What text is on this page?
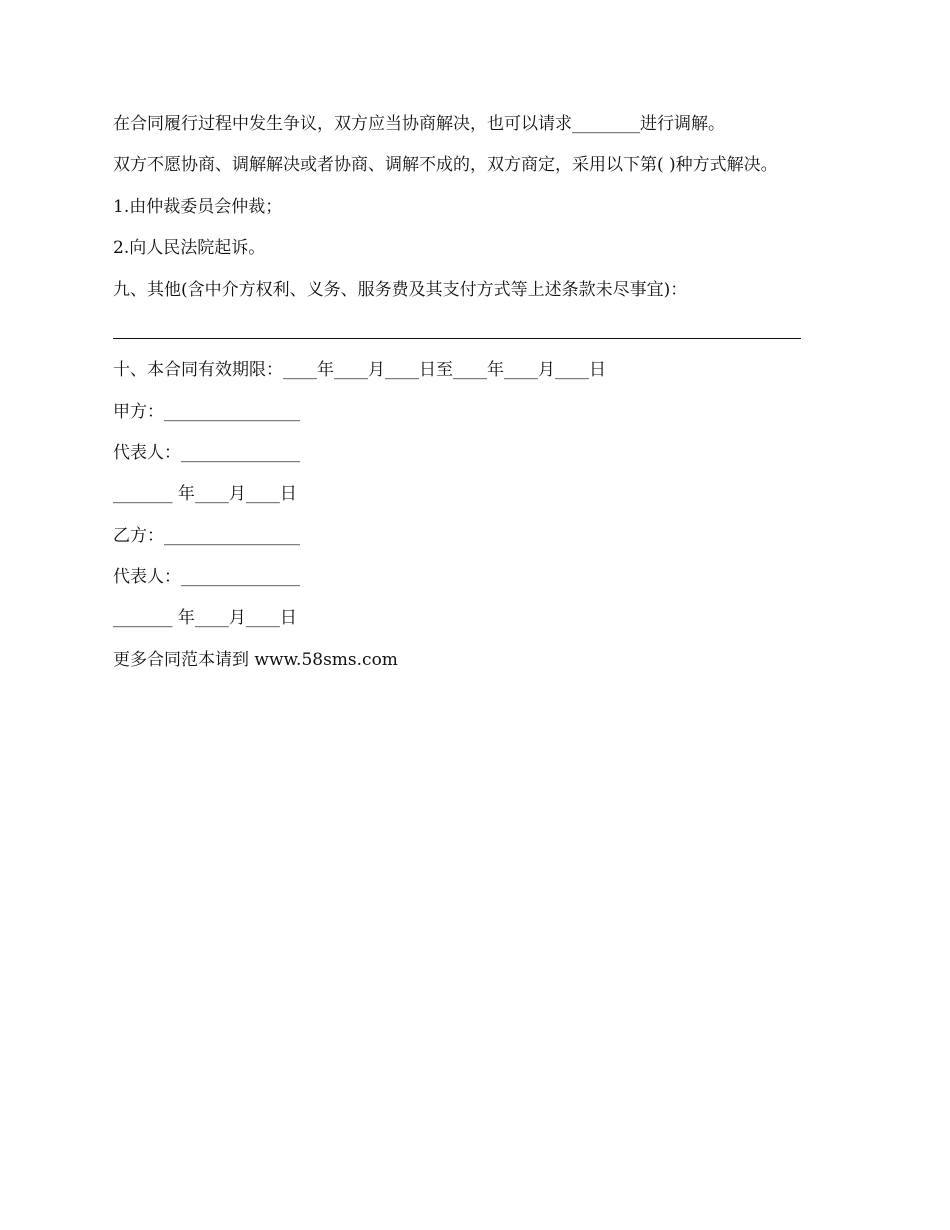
在合同履行过程中发生争议，双方应当协商解决，也可以请求________进行调解。
双方不愿协商、调解解决或者协商、调解不成的，双方商定，采用以下第( )种方式解决。
1.由仲裁委员会仲裁；
2.向人民法院起诉。
九、其他(含中介方权利、义务、服务费及其支付方式等上述条款未尽事宜)：
十、本合同有效期限：____年____月____日至____年____月____日
甲方：________________
代表人：______________
_______ 年____月____日
乙方：________________
代表人：______________
_______ 年____月____日
更多合同范本请到 www.58sms.com
